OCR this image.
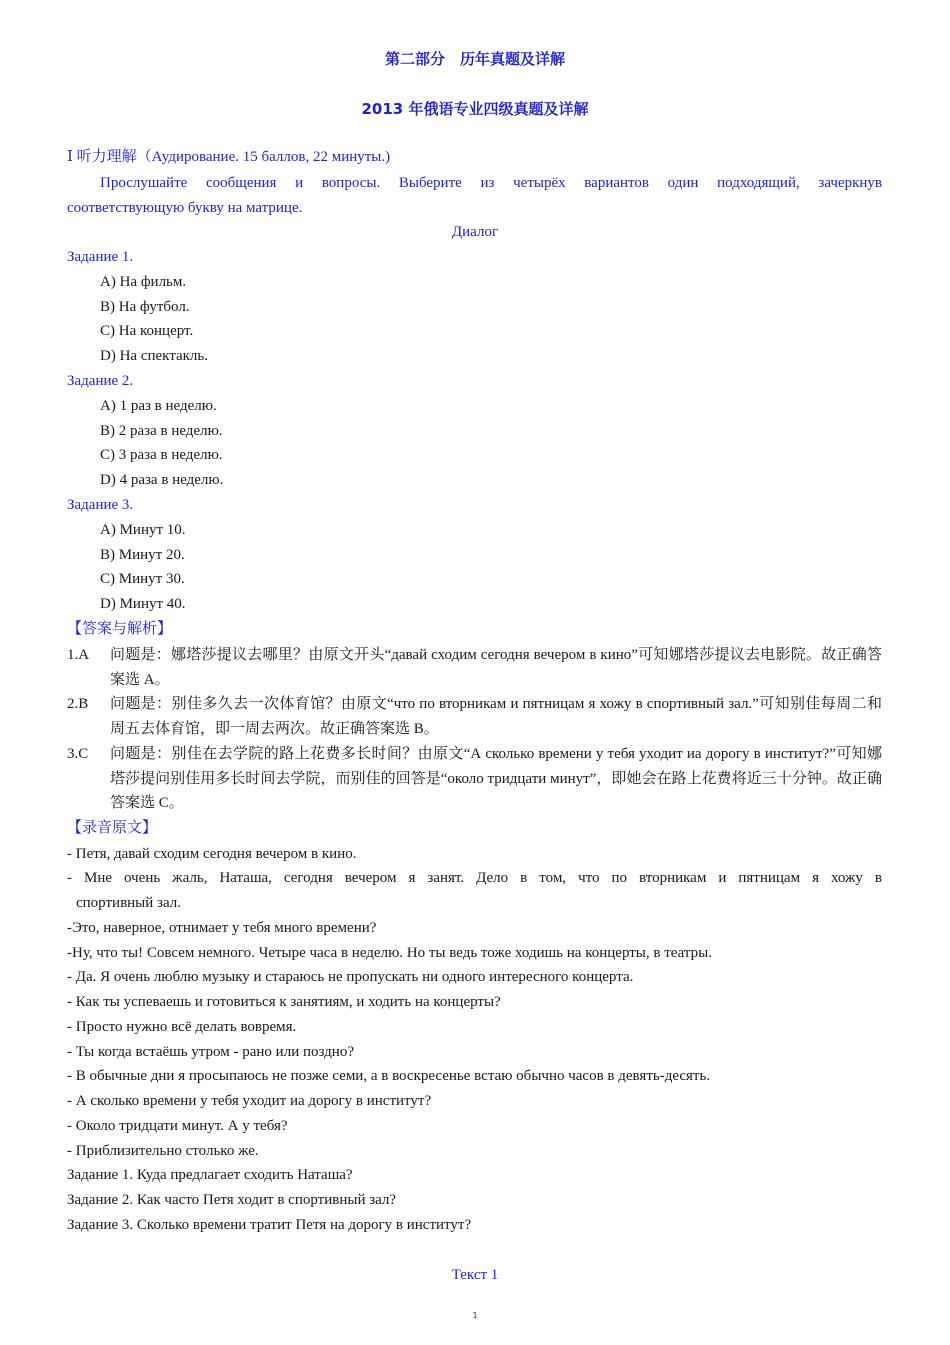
第二部分　历年真题及详解
2013 年俄语专业四级真题及详解
Ⅰ 听力理解（Аудирование. 15 баллов, 22 минуты.)
Прослушайте сообщения и вопросы. Выберите из четырёх вариантов один подходящий, зачеркнув
соответствующую букву на матрице.
Диалог
Задание 1.
A) На фильм.
B) На футбол.
C) На концерт.
D) На спектакль.
Задание 2.
A) 1 раз в неделю.
B) 2 раза в неделю.
C) 3 раза в неделю.
D) 4 раза в неделю.
Задание 3.
A) Минут 10.
B) Минут 20.
C) Минут 30.
D) Минут 40.
【答案与解析】
1.A 问题是：娜塔莎提议去哪里？由原文开头“давай сходим сегодня вечером в кино”可知娜塔莎提议去电影院。故正确答案选 A。
2.B 问题是：别佳多久去一次体育馆？由原文“что по вторникам и пятницам я хожу в спортивный зал.”可知别佳每周二和周五去体育馆，即一周去两次。故正确答案选 B。
3.C 问题是：别佳在去学院的路上花费多长时间？由原文“А сколько времени у тебя уходит иа дорогу в институт?”可知娜塔莎提问别佳用多长时间去学院，而别佳的回答是“около тридцати минут”，即她会在路上花费将近三十分钟。故正确答案选 C。
【录音原文】
- Петя, давай сходим сегодня вечером в кино.
- Мне очень жаль, Наташа, сегодня вечером я занят. Дело в том, что по вторникам и пятницам я хожу в
спортивный зал.
-Это, наверное, отнимает у тебя много времени?
-Ну, что ты! Совсем немного. Четыре часа в неделю. Но ты ведь тоже ходишь на концерты, в театры.
- Да. Я очень люблю музыку и стараюсь не пропускать ни одного интересного концерта.
- Как ты успеваешь и готовиться к занятиям, и ходить на концерты?
- Просто нужно всё делать вовремя.
- Ты когда встаёшь утром - рано или поздно?
- В обычные дни я просыпаюсь не позже семи, а в воскресенье встаю обычно часов в девять-десять.
- А сколько времени у тебя уходит иа дорогу в институт?
- Около тридцати минут. А у тебя?
- Приблизительно столько же.
Задание 1. Куда предлагает сходить Наташа?
Задание 2. Как часто Петя ходит в спортивный зал?
Задание 3. Сколько времени тратит Петя на дорогу в институт?
Текст 1
1
